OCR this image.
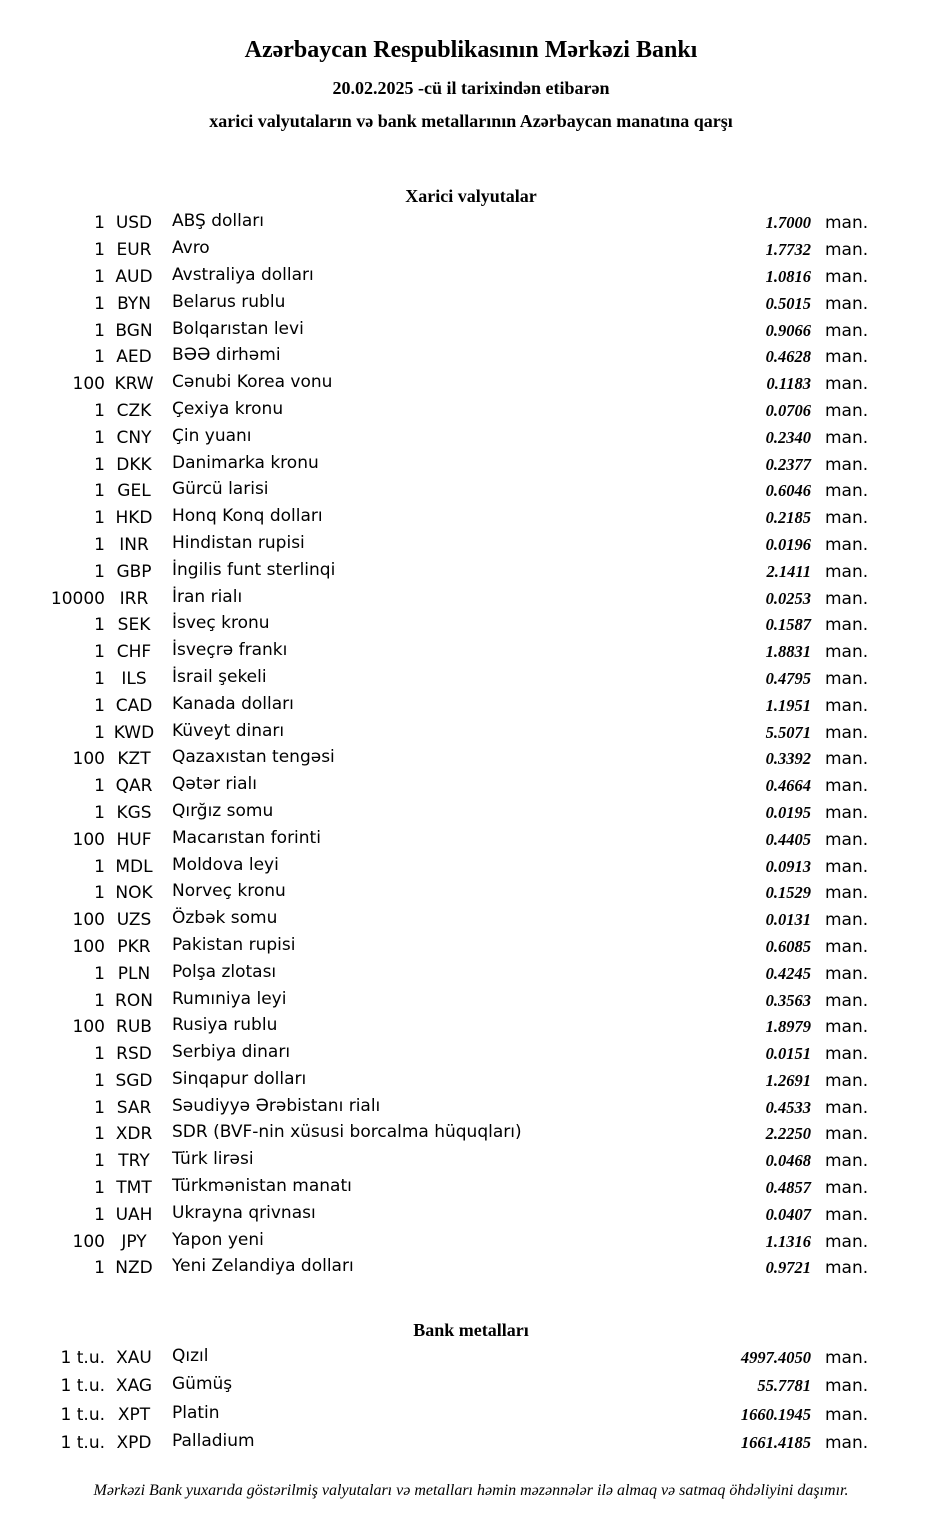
Azərbaycan Respublikasının Mərkəzi Bankı
20.02.2025 -cü il tarixindən etibarən
xarici valyutaların və bank metallarının Azərbaycan manatına qarşı
Xarici valyutalar
1 USD	ABŞ dolları	1.7000 man.
1 EUR	Avro	1.7732 man.
1 AUD	Avstraliya dolları	1.0816 man.
1 BYN	Belarus rublu	0.5015 man.
1 BGN	Bolqarıstan levi	0.9066 man.
1 AED	BƏƏ dirhəmi	0.4628 man.
100 KRW	Cənubi Korea vonu	0.1183 man.
1 CZK	Çexiya kronu	0.0706 man.
1 CNY	Çin yuanı	0.2340 man.
1 DKK	Danimarka kronu	0.2377 man.
1 GEL	Gürcü larisi	0.6046 man.
1 HKD	Honq Konq dolları	0.2185 man.
1 INR	Hindistan rupisi	0.0196 man.
1 GBP	İngilis funt sterlinqi	2.1411 man.
10000 IRR	İran rialı	0.0253 man.
1 SEK	İsveç kronu	0.1587 man.
1 CHF	İsveçrə frankı	1.8831 man.
1 ILS	İsrail şekeli	0.4795 man.
1 CAD	Kanada dolları	1.1951 man.
1 KWD	Küveyt dinarı	5.5071 man.
100 KZT	Qazaxıstan tengəsi	0.3392 man.
1 QAR	Qətər rialı	0.4664 man.
1 KGS	Qırğız somu	0.0195 man.
100 HUF	Macarıstan forinti	0.4405 man.
1 MDL	Moldova leyi	0.0913 man.
1 NOK	Norveç kronu	0.1529 man.
100 UZS	Özbək somu	0.0131 man.
100 PKR	Pakistan rupisi	0.6085 man.
1 PLN	Polşa zlotası	0.4245 man.
1 RON	Rumıniya leyi	0.3563 man.
100 RUB	Rusiya rublu	1.8979 man.
1 RSD	Serbiya dinarı	0.0151 man.
1 SGD	Sinqapur dolları	1.2691 man.
1 SAR	Səudiyyə Ərəbistanı rialı	0.4533 man.
1 XDR	SDR (BVF-nin xüsusi borcalma hüquqları)	2.2250 man.
1 TRY	Türk lirəsi	0.0468 man.
1 TMT	Türkmənistan manatı	0.4857 man.
1 UAH	Ukrayna qrivnası	0.0407 man.
100 JPY	Yapon yeni	1.1316 man.
1 NZD	Yeni Zelandiya dolları	0.9721 man.
Bank metalları
1 t.u. XAU	Qızıl	4997.4050 man.
1 t.u. XAG	Gümüş	55.7781 man.
1 t.u. XPT	Platin	1660.1945 man.
1 t.u. XPD	Palladium	1661.4185 man.
Mərkəzi Bank yuxarıda göstərilmiş valyutaları və metalları həmin məzənnələr ilə almaq və satmaq öhdəliyini daşımır.
